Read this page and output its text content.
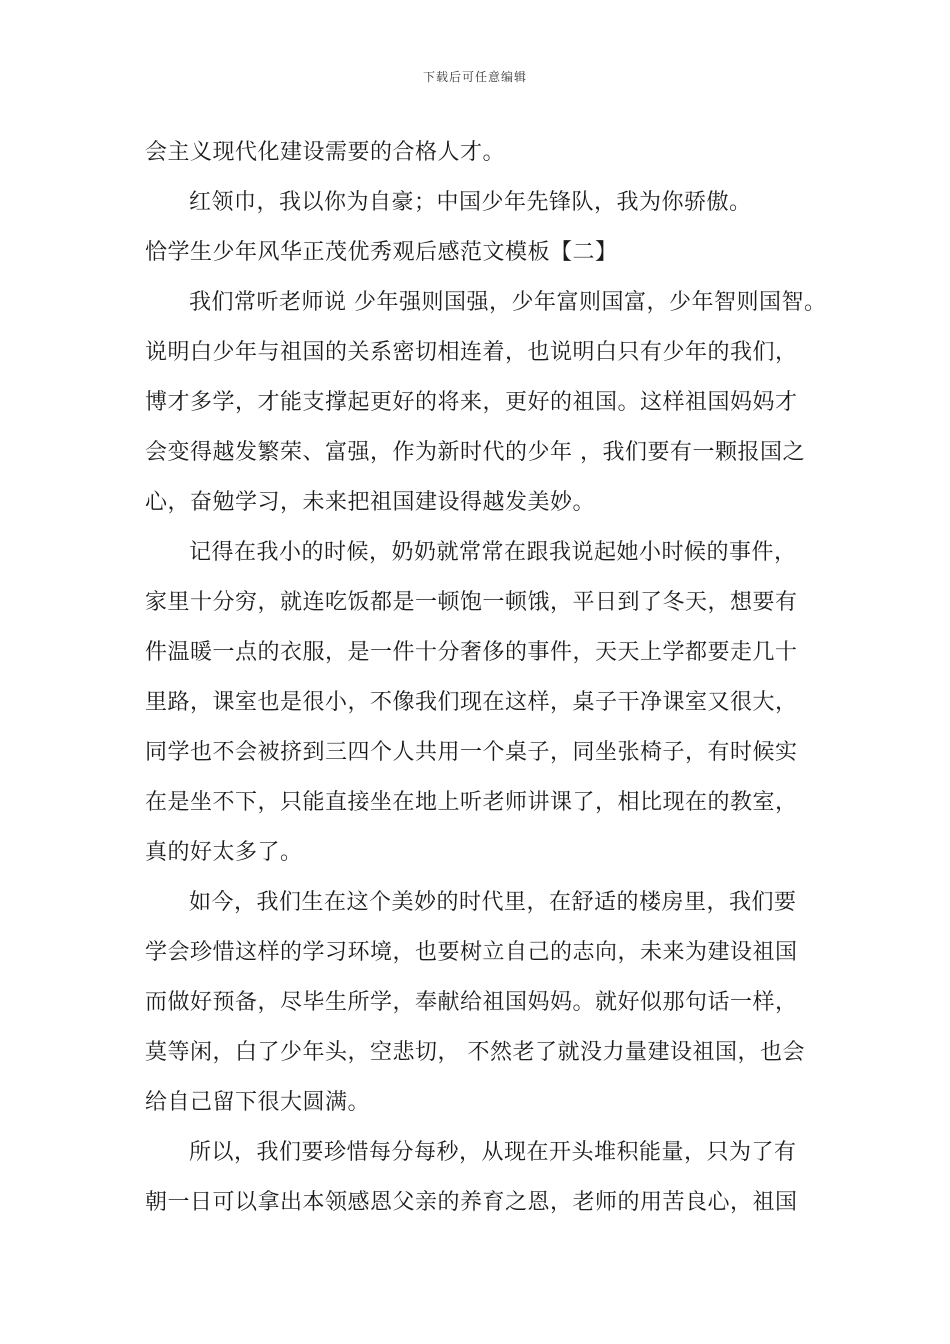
下载后可任意编辑
会主义现代化建设需要的合格人才。
红领巾，我以你为自豪；中国少年先锋队，我为你骄傲。
恰学生少年风华正茂优秀观后感范文模板【二】
我们常听老师说 少年强则国强，少年富则国富，少年智则国智。
说明白少年与祖国的关系密切相连着，也说明白只有少年的我们，
博才多学，才能支撑起更好的将来，更好的祖国。这样祖国妈妈才
会变得越发繁荣、富强，作为新时代的少年 ，我们要有一颗报国之
心，奋勉学习，未来把祖国建设得越发美妙。
记得在我小的时候，奶奶就常常在跟我说起她小时候的事件，
家里十分穷，就连吃饭都是一顿饱一顿饿，平日到了冬天，想要有
件温暖一点的衣服，是一件十分奢侈的事件，天天上学都要走几十
里路，课室也是很小，不像我们现在这样，桌子干净课室又很大，
同学也不会被挤到三四个人共用一个桌子，同坐张椅子，有时候实
在是坐不下，只能直接坐在地上听老师讲课了，相比现在的教室，
真的好太多了。
如今，我们生在这个美妙的时代里，在舒适的楼房里，我们要
学会珍惜这样的学习环境，也要树立自己的志向，未来为建设祖国
而做好预备，尽毕生所学，奉献给祖国妈妈。就好似那句话一样，
莫等闲，白了少年头，空悲切， 不然老了就没力量建设祖国，也会
给自己留下很大圆满。
所以，我们要珍惜每分每秒，从现在开头堆积能量，只为了有
朝一日可以拿出本领感恩父亲的养育之恩，老师的用苦良心，祖国
